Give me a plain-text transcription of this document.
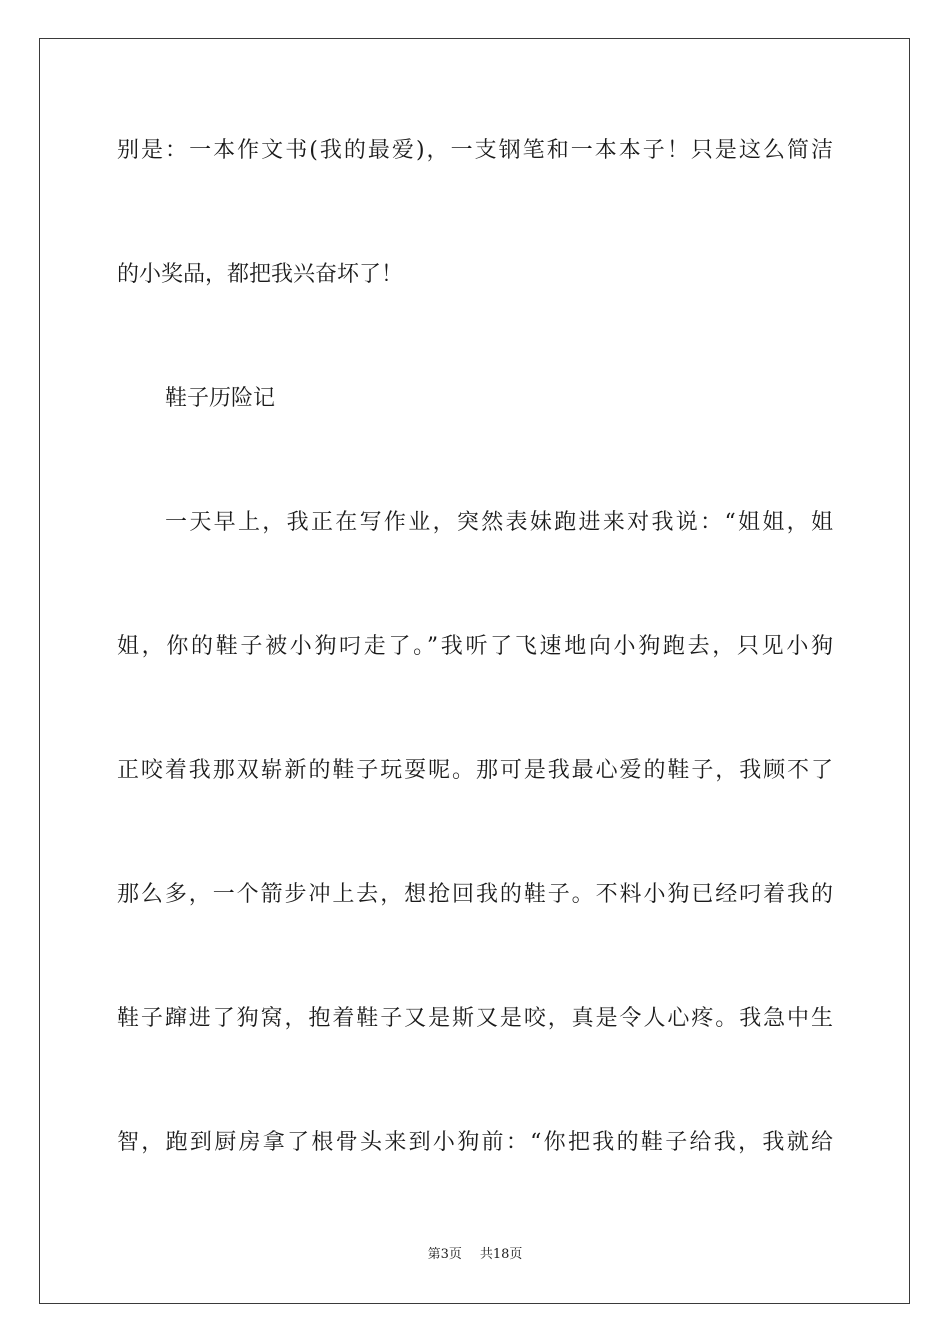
别是：一本作文书(我的最爱)，一支钢笔和一本本子！只是这么简洁
的小奖品，都把我兴奋坏了！
鞋子历险记
一天早上，我正在写作业，突然表妹跑进来对我说：“姐姐，姐
姐，你的鞋子被小狗叼走了。”我听了飞速地向小狗跑去，只见小狗
正咬着我那双崭新的鞋子玩耍呢。那可是我最心爱的鞋子，我顾不了
那么多，一个箭步冲上去，想抢回我的鞋子。不料小狗已经叼着我的
鞋子蹿进了狗窝，抱着鞋子又是斯又是咬，真是令人心疼。我急中生
智，跑到厨房拿了根骨头来到小狗前：“你把我的鞋子给我，我就给
第3页 共18页
